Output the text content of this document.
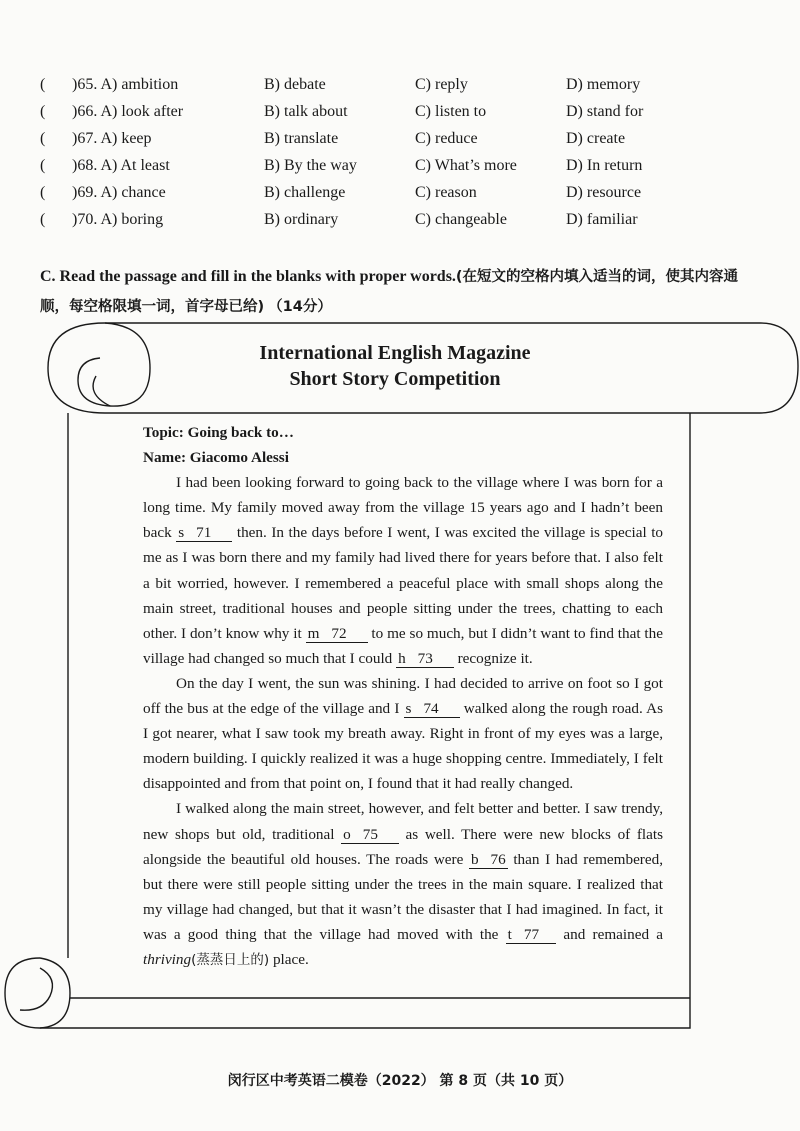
( )65. A) ambition	B) debate	C) reply	D) memory
( )66. A) look after	B) talk about	C) listen to	D) stand for
( )67. A) keep	B) translate	C) reduce	D) create
( )68. A) At least	B) By the way	C) What’s more	D) In return
( )69. A) chance	B) challenge	C) reason	D) resource
( )70. A) boring	B) ordinary	C) changeable	D) familiar
C. Read the passage and fill in the blanks with proper words.(在短文的空格内填入适当的词，使其内容通顺，每空格限填一词，首字母已给) （14分）
International English Magazine
Short Story Competition
Topic: Going back to…
Name: Giacomo Alessi

I had been looking forward to going back to the village where I was born for a long time. My family moved away from the village 15 years ago and I hadn’t been back s 71      then. In the days before I went, I was excited the village is special to me as I was born there and my family had lived there for years before that. I also felt a bit worried, however. I remembered a peaceful place with small shops along the main street, traditional houses and people sitting under the trees, chatting to each other. I don’t know why it m 72      to me so much, but I didn’t want to find that the village had changed so much that I could h 73      recognize it.

On the day I went, the sun was shining. I had decided to arrive on foot so I got off the bus at the edge of the village and I s 74      walked along the rough road. As I got nearer, what I saw took my breath away. Right in front of my eyes was a large, modern building. I quickly realized it was a huge shopping centre. Immediately, I felt disappointed and from that point on, I found that it had really changed.

I walked along the main street, however, and felt better and better. I saw trendy, new shops but old, traditional o 75      as well. There were new blocks of flats alongside the beautiful old houses. The roads were b 76 than I had remembered, but there were still people sitting under the trees in the main square. I realized that my village had changed, but that it wasn’t the disaster that I had imagined. In fact, it was a good thing that the village had moved with the t 77     and remained a thriving(蒸蒸日上的) place.

闵行区中考英语二模卷（2022） 第 8 页（共 10 页）
